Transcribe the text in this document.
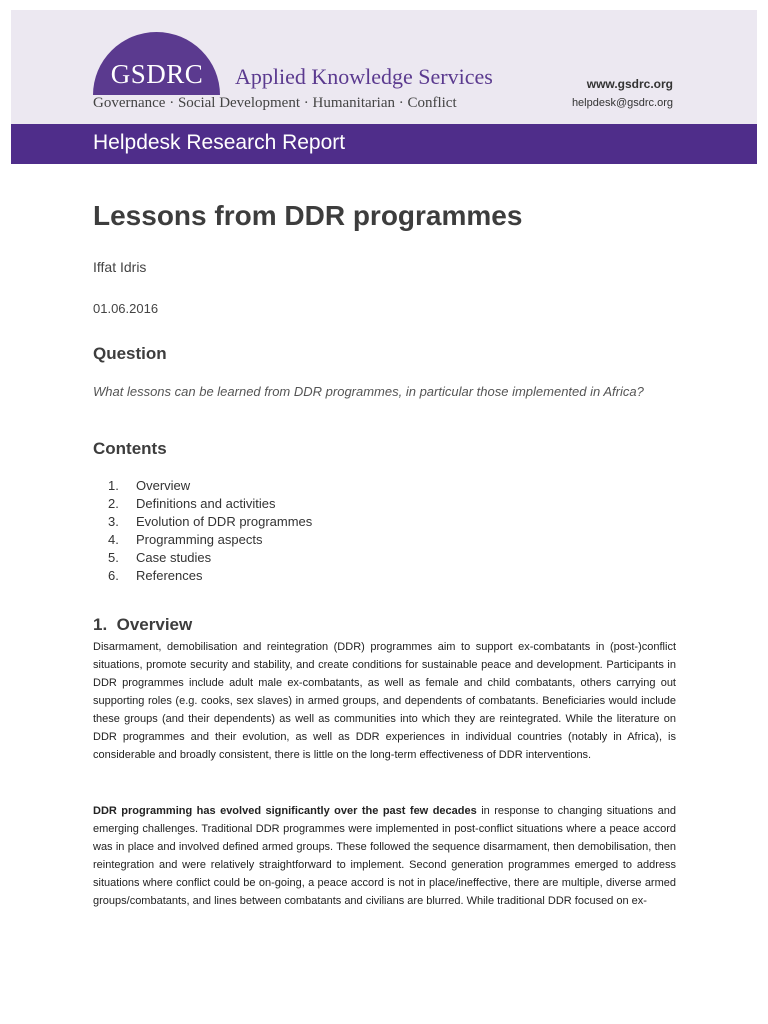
GSDRC	Applied Knowledge Services
Governance · Social Development · Humanitarian · Conflict
www.gsdrc.org
helpdesk@gsdrc.org
Helpdesk Research Report
Lessons from DDR programmes
Iffat Idris
01.06.2016
Question
What lessons can be learned from DDR programmes, in particular those implemented in Africa?
Contents
1. Overview
2. Definitions and activities
3. Evolution of DDR programmes
4. Programming aspects
5. Case studies
6. References
1.  Overview

Disarmament, demobilisation and reintegration (DDR) programmes aim to support ex-combatants in (post-)conflict situations, promote security and stability, and create conditions for sustainable peace and development. Participants in DDR programmes include adult male ex-combatants, as well as female and child combatants, others carrying out supporting roles (e.g. cooks, sex slaves) in armed groups, and dependents of combatants. Beneficiaries would include these groups (and their dependents) as well as communities into which they are reintegrated. While the literature on DDR programmes and their evolution, as well as DDR experiences in individual countries (notably in Africa), is considerable and broadly consistent, there is little on the long-term effectiveness of DDR interventions.

DDR programming has evolved significantly over the past few decades in response to changing situations and emerging challenges. Traditional DDR programmes were implemented in post-conflict situations where a peace accord was in place and involved defined armed groups. These followed the sequence disarmament, then demobilisation, then reintegration and were relatively straightforward to implement. Second generation programmes emerged to address situations where conflict could be on-going, a peace accord is not in place/ineffective, there are multiple, diverse armed groups/combatants, and lines between combatants and civilians are blurred. While traditional DDR focused on ex-
